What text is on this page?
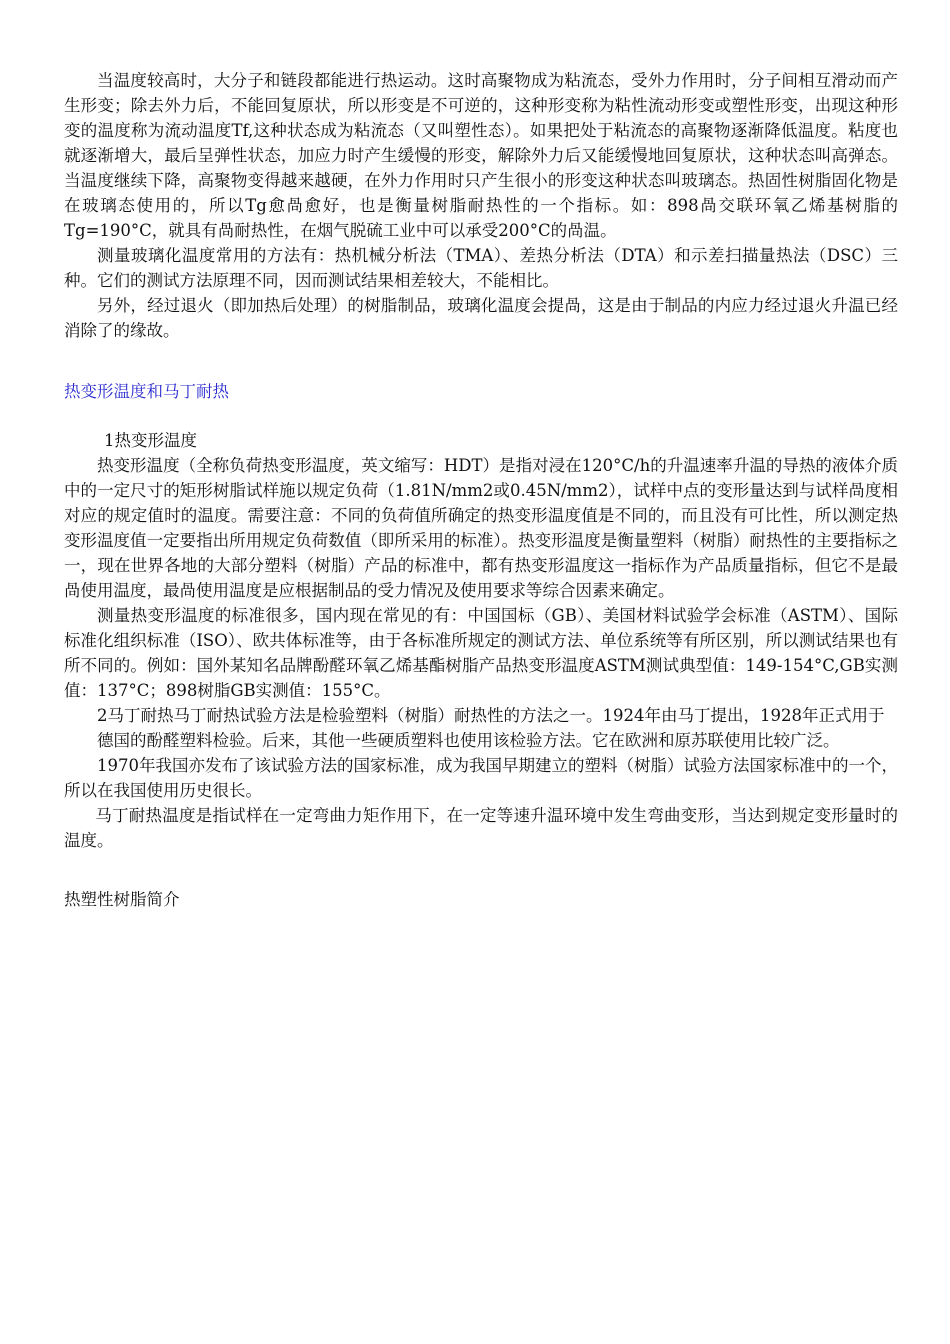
当温度较高时，大分子和链段都能进行热运动。这时高聚物成为粘流态，受外力作用时，分子间相互滑动而产生形变；除去外力后，不能回复原状，所以形变是不可逆的，这种形变称为粘性流动形变或塑性形变，出现这种形变的温度称为流动温度Tf,这种状态成为粘流态（又叫塑性态）。如果把处于粘流态的高聚物逐渐降低温度。粘度也就逐渐增大，最后呈弹性状态，加应力时产生缓慢的形变，解除外力后又能缓慢地回复原状，这种状态叫高弹态。当温度继续下降，高聚物变得越来越硬，在外力作用时只产生很小的形变这种状态叫玻璃态。热固性树脂固化物是在玻璃态使用的，所以Tg愈咼愈好，也是衡量树脂耐热性的一个指标。如：898咼交联环氧乙烯基树脂的Tg=190°C，就具有咼耐热性，在烟气脱硫工业中可以承受200°C的咼温。

测量玻璃化温度常用的方法有：热机械分析法（TMA）、差热分析法（DTA）和示差扫描量热法（DSC）三种。它们的测试方法原理不同，因而测试结果相差较大，不能相比。

另外，经过退火（即加热后处理）的树脂制品，玻璃化温度会提咼，这是由于制品的内应力经过退火升温已经消除了的缘故。

热变形温度和马丁耐热

1热变形温度

热变形温度（全称负荷热变形温度，英文缩写：HDT）是指对浸在120°C/h的升温速率升温的导热的液体介质中的一定尺寸的矩形树脂试样施以规定负荷（1.81N/mm2或0.45N/mm2），试样中点的变形量达到与试样咼度相对应的规定值时的温度。需要注意：不同的负荷值所确定的热变形温度值是不同的，而且没有可比性，所以测定热变形温度值一定要指出所用规定负荷数值（即所采用的标准）。热变形温度是衡量塑料（树脂）耐热性的主要指标之一，现在世界各地的大部分塑料（树脂）产品的标准中，都有热变形温度这一指标作为产品质量指标，但它不是最咼使用温度，最咼使用温度是应根据制品的受力情况及使用要求等综合因素来确定。

测量热变形温度的标准很多，国内现在常见的有：中国国标（GB）、美国材料试验学会标准（ASTM）、国际标准化组织标准（ISO）、欧共体标准等，由于各标准所规定的测试方法、单位系统等有所区别，所以测试结果也有所不同的。例如：国外某知名品牌酚醛环氧乙烯基酯树脂产品热变形温度ASTM测试典型值：149-154°C,GB实测值：137°C；898树脂GB实测值：155°C。

2马丁耐热马丁耐热试验方法是检验塑料（树脂）耐热性的方法之一。1924年由马丁提出，1928年正式用于

德国的酚醛塑料检验。后来，其他一些硬质塑料也使用该检验方法。它在欧洲和原苏联使用比较广泛。

1970年我国亦发布了该试验方法的国家标准，成为我国早期建立的塑料（树脂）试验方法国家标准中的一个，所以在我国使用历史很长。

马丁耐热温度是指试样在一定弯曲力矩作用下，在一定等速升温环境中发生弯曲变形，当达到规定变形量时的温度。

热塑性树脂简介
